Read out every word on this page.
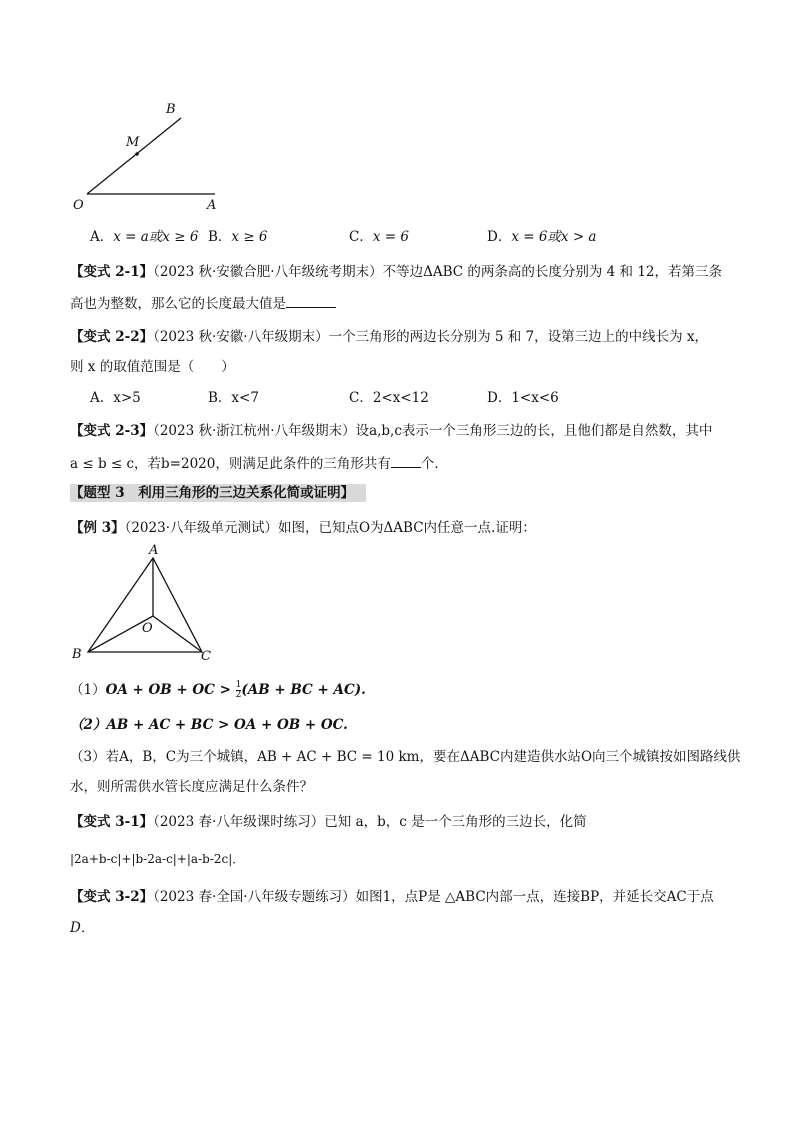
B
M
O	A
A．x = a或x ≥ 6 B．x ≥ 6	C．x = 6	D．x = 6或x > a
【变式 2-1】（2023 秋·安徽合肥·八年级统考期末）不等边ΔABC 的两条高的长度分别为 4 和 12，若第三条
高也为整数，那么它的长度最大值是
【变式 2-2】（2023 秋·安徽·八年级期末）一个三角形的两边长分别为 5 和 7，设第三边上的中线长为 x，
则 x 的取值范围是（　　）
A．x>5	B．x<7	C．2<x<12	D．1<x<6
【变式 2-3】（2023 秋·浙江杭州·八年级期末）设a,b,c表示一个三角形三边的长，且他们都是自然数，其中
a ≤ b ≤ c，若b=2020，则满足此条件的三角形共有 个．
【题型 3　利用三角形的三边关系化简或证明】
【例 3】（2023·八年级单元测试）如图，已知点O为ΔABC内任意一点.证明：
A
B	C
O
（1）OA + OB + OC > $\frac{1}{2} (AB$ + BC + AC).
（2）AB + AC + BC > OA + OB + OC.
（3）若A，B，C为三个城镇，AB + AC + BC = 10 km，要在ΔABC内建造供水站O向三个城镇按如图路线供
水，则所需供水管长度应满足什么条件？
【变式 3-1】（2023 春·八年级课时练习）已知 a，b，c 是一个三角形的三边长，化简
|2a+b-c|+|b-2a-c|+|a-b-2c|．
【变式 3-2】（2023 春·全国·八年级专题练习）如图1，点P是 △ABC内部一点，连接BP，并延长交AC于点
D．
